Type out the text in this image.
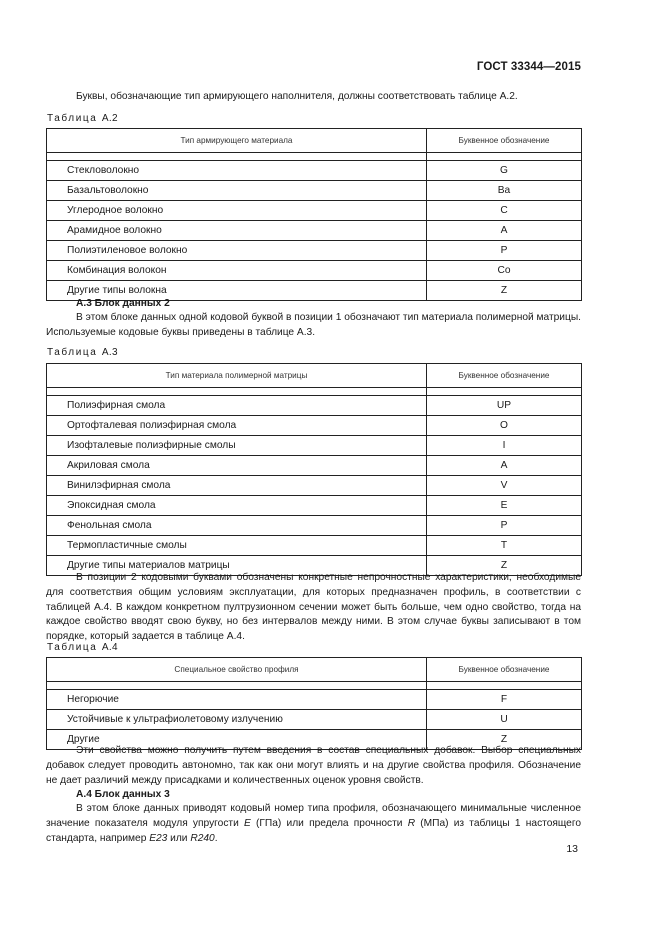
ГОСТ 33344—2015
Буквы, обозначающие тип армирующего наполнителя, должны соответствовать таблице А.2.
Таблица А.2
Тип армирующего материала	Буквенное обозначение

Стекловолокно	G
Базальтоволокно	Ba
Углеродное волокно	C
Арамидное волокно	A
Полиэтиленовое волокно	P
Комбинация волокон	Co
Другие типы волокна	Z
А.3 Блок данных 2
В этом блоке данных одной кодовой буквой в позиции 1 обозначают тип материала полимерной матрицы. Используемые кодовые буквы приведены в таблице А.3.
Таблица А.3
Тип материала полимерной матрицы	Буквенное обозначение

Полиэфирная смола	UP
Ортофталевая полиэфирная смола	O
Изофталевые полиэфирные смолы	I
Акриловая смола	A
Винилэфирная смола	V
Эпоксидная смола	E
Фенольная смола	P
Термопластичные смолы	T
Другие типы материалов матрицы	Z
В позиции 2 кодовыми буквами обозначены конкретные непрочностные характеристики, необходимые для соответствия общим условиям эксплуатации, для которых предназначен профиль, в соответствии с таблицей А.4. В каждом конкретном пултрузионном сечении может быть больше, чем одно свойство, тогда на каждое свойство вводят свою букву, но без интервалов между ними. В этом случае буквы записывают в том порядке, который задается в таблице А.4.
Таблица А.4
Специальное свойство профиля	Буквенное обозначение

Негорючие	F
Устойчивые к ультрафиолетовому излучению	U
Другие	Z
Эти свойства можно получить путем введения в состав специальных добавок. Выбор специальных добавок следует проводить автономно, так как они могут влиять и на другие свойства профиля. Обозначение не дает различий между присадками и количественных оценок уровня свойств.
А.4 Блок данных 3
В этом блоке данных приводят кодовый номер типа профиля, обозначающего минимальные численное значение показателя модуля упругости E (ГПа) или предела прочности R (МПа) из таблицы 1 настоящего стандарта, например E23 или R240.
13
